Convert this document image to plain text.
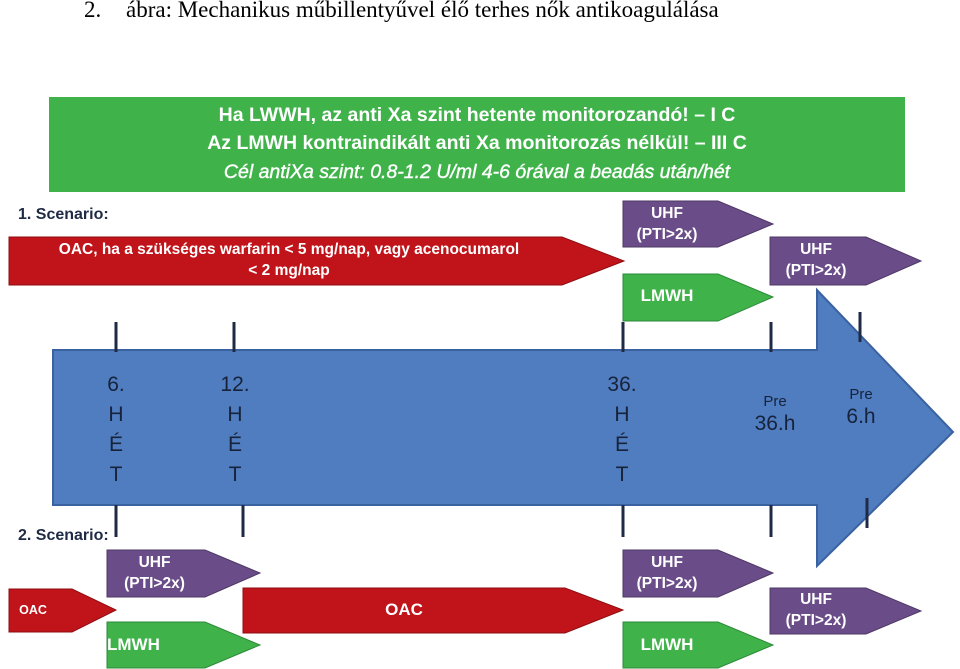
2. ábra: Mechanikus műbillentyűvel élő terhes nők antikoagulálása
Ha LWWH, az anti Xa szint hetente monitorozandó! – I C
Az LMWH kontraindikált anti Xa monitorozás nélkül! – III C
Cél antiXa szint: 0.8-1.2 U/ml 4-6 órával a beadás után/hét
1. Scenario:
2. Scenario:
OAC, ha a szükséges warfarin < 5 mg/nap, vagy acenocumarol
< 2 mg/nap
UHF
(PTI>2x)
LMWH
UHF
(PTI>2x)
6.
H
É
T
12.
H
É
T
36.
H
É
T
Pre
36.h
Pre
6.h
UHF
(PTI>2x)
OAC
LMWH
OAC
UHF
(PTI>2x)
LMWH
UHF
(PTI>2x)
